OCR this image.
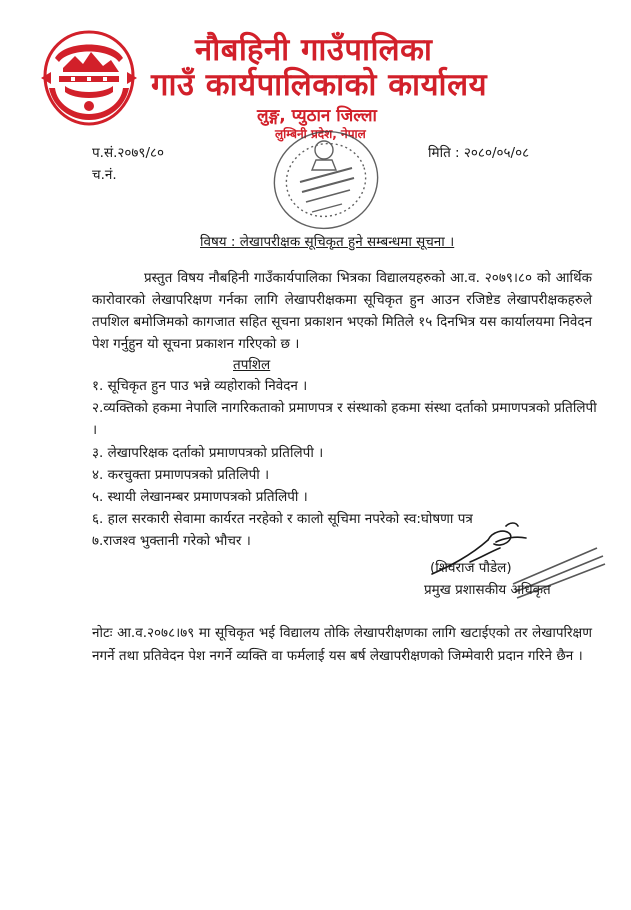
नौबहिनी गाउँपालिका
गाउँ कार्यपालिकाको कार्यालय
लुङ्ग, प्युठान जिल्ला
लुम्बिनी प्रदेश, नेपाल
प.सं.२०७९/८०
च.नं.
मिति : २०८०/०५/०८
विषय : लेखापरीक्षक सूचिकृत हुने सम्बन्धमा सूचना ।
प्रस्तुत विषय नौबहिनी गाउँकार्यपालिका भित्रका विद्यालयहरुको आ.व. २०७९।८० को आर्थिक कारोवारको लेखापरिक्षण गर्नका लागि लेखापरीक्षकमा सूचिकृत हुन आउन रजिष्टेड लेखापरीक्षकहरुले तपशिल बमोजिमको कागजात सहित सूचना प्रकाशन भएको मितिले १५ दिनभित्र यस कार्यालयमा निवेदन पेश गर्नुहुन यो सूचना प्रकाशन गरिएको छ ।
तपशिल
१. सूचिकृत हुन पाउ भन्ने व्यहोराको निवेदन ।
२.व्यक्तिको हकमा नेपालि नागरिकताको प्रमाणपत्र र संस्थाको हकमा संस्था दर्ताको प्रमाणपत्रको प्रतिलिपी ।
३. लेखापरिक्षक दर्ताको प्रमाणपत्रको प्रतिलिपी ।
४. करचुक्ता प्रमाणपत्रको प्रतिलिपी ।
५. स्थायी लेखानम्बर प्रमाणपत्रको प्रतिलिपी ।
६. हाल सरकारी सेवामा कार्यरत नरहेको र कालो सूचिमा नपरेको स्व:घोषणा पत्र
७.राजश्व भुक्तानी गरेको भौचर ।
(शिवराज पौडेल)
प्रमुख प्रशासकीय अधिकृत
नोटः आ.व.२०७८।७९ मा सूचिकृत भई विद्यालय तोकि लेखापरीक्षणका लागि खटाईएको तर लेखापरिक्षण नगर्ने तथा प्रतिवेदन पेश नगर्ने व्यक्ति वा फर्मलाई यस बर्ष लेखापरीक्षणको जिम्मेवारी प्रदान गरिने छैन ।
